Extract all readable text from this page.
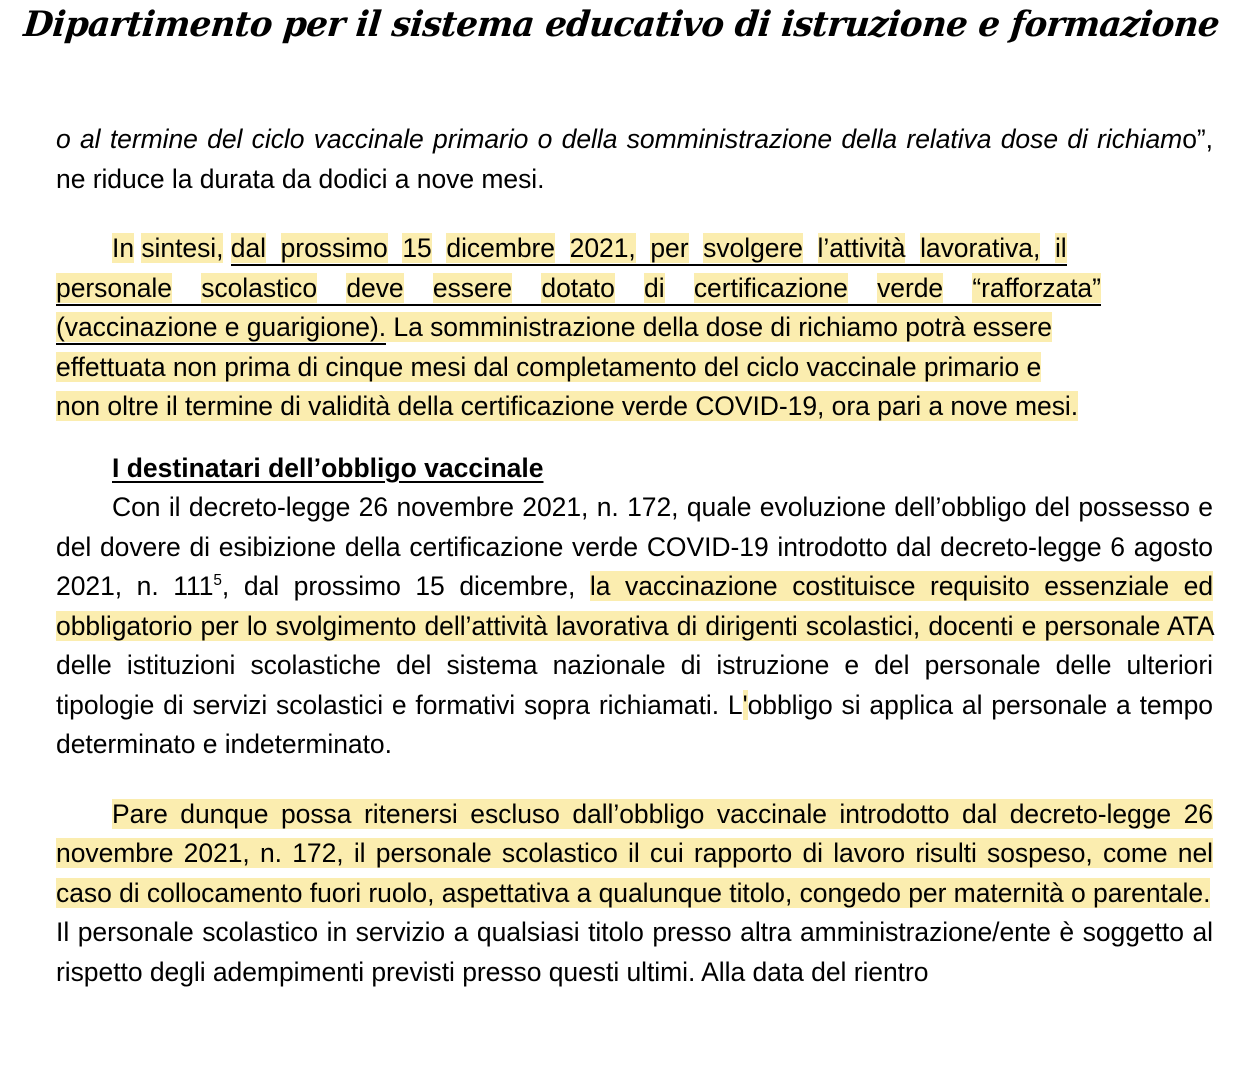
Dipartimento per il sistema educativo di istruzione e formazione

o al termine del ciclo vaccinale primario o della somministrazione della relativa dose di richiamo”, ne riduce la durata da dodici a nove mesi.

In sintesi, dal prossimo 15 dicembre 2021, per svolgere l’attività lavorativa, il
personale scolastico deve essere dotato di certificazione verde “rafforzata”
(vaccinazione e guarigione). La somministrazione della dose di richiamo potrà essere
effettuata non prima di cinque mesi dal completamento del ciclo vaccinale primario e
non oltre il termine di validità della certificazione verde COVID-19, ora pari a nove mesi.

I destinatari dell’obbligo vaccinale

Con il decreto-legge 26 novembre 2021, n. 172, quale evoluzione dell’obbligo del possesso e del dovere di esibizione della certificazione verde COVID-19 introdotto dal decreto-legge 6 agosto 2021, n. 111$^5$, dal prossimo 15 dicembre, la vaccinazione costituisce requisito essenziale ed obbligatorio per lo svolgimento dell’attività lavorativa di dirigenti scolastici, docenti e personale ATA delle istituzioni scolastiche del sistema nazionale di istruzione e del personale delle ulteriori tipologie di servizi scolastici e formativi sopra richiamati. L'obbligo si applica al personale a tempo determinato e indeterminato.

Pare dunque possa ritenersi escluso dall’obbligo vaccinale introdotto dal decreto-legge 26 novembre 2021, n. 172, il personale scolastico il cui rapporto di lavoro risulti sospeso, come nel caso di collocamento fuori ruolo, aspettativa a qualunque titolo, congedo per maternità o parentale.

Il personale scolastico in servizio a qualsiasi titolo presso altra amministrazione/ente è soggetto al rispetto degli adempimenti previsti presso questi ultimi. Alla data del rientro
